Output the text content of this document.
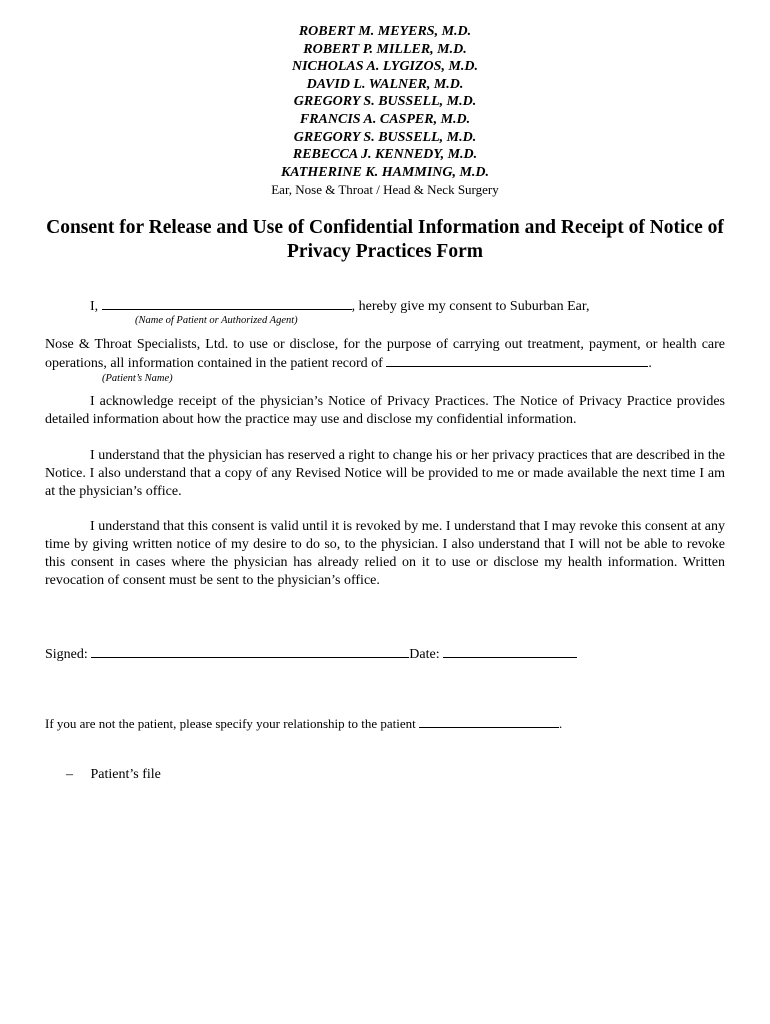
ROBERT M. MEYERS, M.D.

ROBERT P. MILLER, M.D.

NICHOLAS A. LYGIZOS, M.D.

DAVID L. WALNER, M.D.

GREGORY S. BUSSELL, M.D.

FRANCIS A. CASPER, M.D.

GREGORY S. BUSSELL, M.D.

REBECCA J. KENNEDY, M.D.

KATHERINE K. HAMMING, M.D.

Ear, Nose & Throat / Head & Neck Surgery

Consent for Release and Use of Confidential Information and Receipt of Notice of Privacy Practices Form

I,	, hereby give my consent to Suburban Ear,

(Name of Patient or Authorized Agent)

Nose & Throat Specialists, Ltd. to use or disclose, for the purpose of carrying out treatment, payment, or health care operations, all information contained in the patient record of	.

(Patient’s Name)

I acknowledge receipt of the physician’s Notice of Privacy Practices. The Notice of Privacy Practice provides detailed information about how the practice may use and disclose my confidential information.

I understand that the physician has reserved a right to change his or her privacy practices that are described in the Notice. I also understand that a copy of any Revised Notice will be provided to me or made available the next time I am at the physician’s office.

I understand that this consent is valid until it is revoked by me. I understand that I may revoke this consent at any time by giving written notice of my desire to do so, to the physician. I also understand that I will not be able to revoke this consent in cases where the physician has already relied on it to use or disclose my health information. Written revocation of consent must be sent to the physician’s office.

Signed:	Date:

If you are not the patient, please specify your relationship to the patient	.

–     Patient’s file
